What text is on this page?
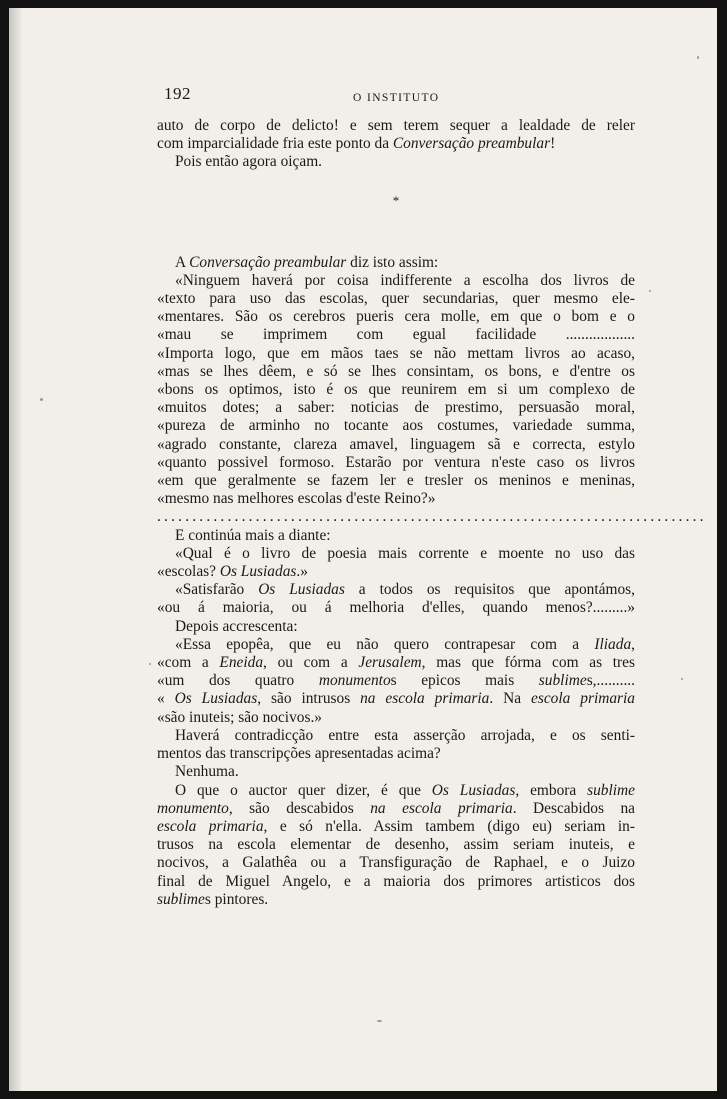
192	O INSTITUTO
auto de corpo de delicto! e sem terem sequer a lealdade de reler
com imparcialidade fria este ponto da Conversação preambular!
Pois então agora oiçam.
*
A Conversação preambular diz isto assim:
«Ninguem haverá por coisa indifferente a escolha dos livros de
«texto para uso das escolas, quer secundarias, quer mesmo ele-
«mentares. São os cerebros pueris cera molle, em que o bom e o
«mau se imprimem com egual facilidade ..................
«Importa logo, que em mãos taes se não mettam livros ao acaso,
«mas se lhes dêem, e só se lhes consintam, os bons, e d'entre os
«bons os optimos, isto é os que reunirem em si um complexo de
«muitos dotes; a saber: noticias de prestimo, persuasão moral,
«pureza de arminho no tocante aos costumes, variedade summa,
«agrado constante, clareza amavel, linguagem sã e correcta, estylo
«quanto possivel formoso. Estarão por ventura n'este caso os livros
«em que geralmente se fazem ler e tresler os meninos e meninas,
«mesmo nas melhores escolas d'este Reino?»
..............................................................................
E continúa mais a diante:
«Qual é o livro de poesia mais corrente e moente no uso das
«escolas? Os Lusiadas.»
«Satisfarão Os Lusiadas a todos os requisitos que apontámos,
«ou á maioria, ou á melhoria d'elles, quando menos?.........»
Depois accrescenta:
«Essa epopêa, que eu não quero contrapesar com a Iliada,
«com a Eneida, ou com a Jerusalem, mas que fórma com as tres
«um dos quatro monumentos epicos mais sublimes,..........
« Os Lusiadas, são intrusos na escola primaria. Na escola primaria
«são inuteis; são nocivos.»
Haverá contradicção entre esta asserção arrojada, e os senti-
mentos das transcripções apresentadas acima?
Nenhuma.
O que o auctor quer dizer, é que Os Lusiadas, embora sublime
monumento, são descabidos na escola primaria. Descabidos na
escola primaria, e só n'ella. Assim tambem (digo eu) seriam in-
trusos na escola elementar de desenho, assim seriam inuteis, e
nocivos, a Galathêa ou a Transfiguração de Raphael, e o Juizo
final de Miguel Angelo, e a maioria dos primores artisticos dos
sublimes pintores.
